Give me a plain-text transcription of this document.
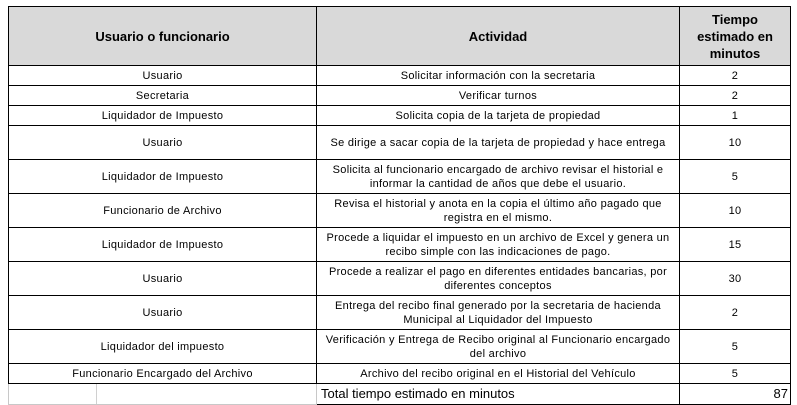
Usuario o funcionario	Actividad	Tiempo estimado en minutos
Usuario	Solicitar información con la secretaria	2
Secretaria	Verificar turnos	2
Liquidador de Impuesto	Solicita copia de la tarjeta de propiedad	1
Usuario	Se dirige a sacar copia de la tarjeta de propiedad y hace entrega	10
Liquidador de Impuesto	Solicita al funcionario encargado de archivo revisar el historial e informar la cantidad de años que debe el usuario.	5
Funcionario de Archivo	Revisa el historial y anota en la copia el último año pagado que registra en el mismo.	10
Liquidador de Impuesto	Procede a liquidar el impuesto en un archivo de Excel y genera un recibo simple con las indicaciones de pago.	15
Usuario	Procede a realizar el pago en diferentes entidades bancarias, por diferentes conceptos	30
Usuario	Entrega del recibo final generado por la secretaria de hacienda Municipal al Liquidador del Impuesto	2
Liquidador del impuesto	Verificación y Entrega de Recibo original al Funcionario encargado del archivo	5
Funcionario Encargado del Archivo	Archivo del recibo original en el Historial del Vehículo	5

	Total tiempo estimado en minutos	87
